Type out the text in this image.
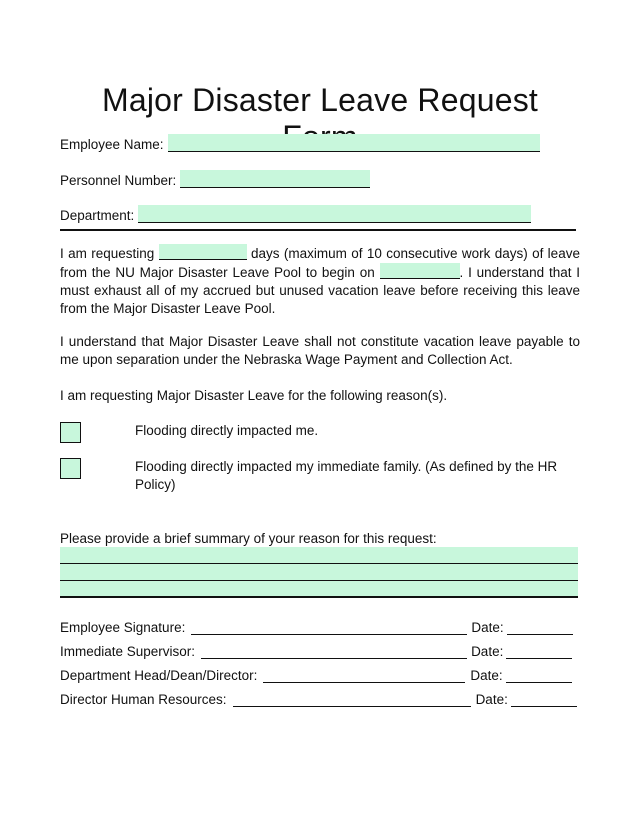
Major Disaster Leave Request
Employee Name:
Personnel Number:
Department:

I am requesting	days (maximum of 10 consecutive work days) of leave from the NU Major Disaster Leave Pool to begin on	. I understand that I must exhaust all of my accrued but unused vacation leave before receiving this leave from the Major Disaster Leave Pool.

I understand that Major Disaster Leave shall not constitute vacation leave payable to me upon separation under the Nebraska Wage Payment and Collection Act.

I am requesting Major Disaster Leave for the following reason(s).

Flooding directly impacted me.
Flooding directly impacted my immediate family. (As defined by the HR Policy)

Please provide a brief summary of your reason for this request:

Employee Signature:	Date:
Immediate Supervisor:	Date:
Department Head/Dean/Director:	Date:
Director Human Resources:	Date:
